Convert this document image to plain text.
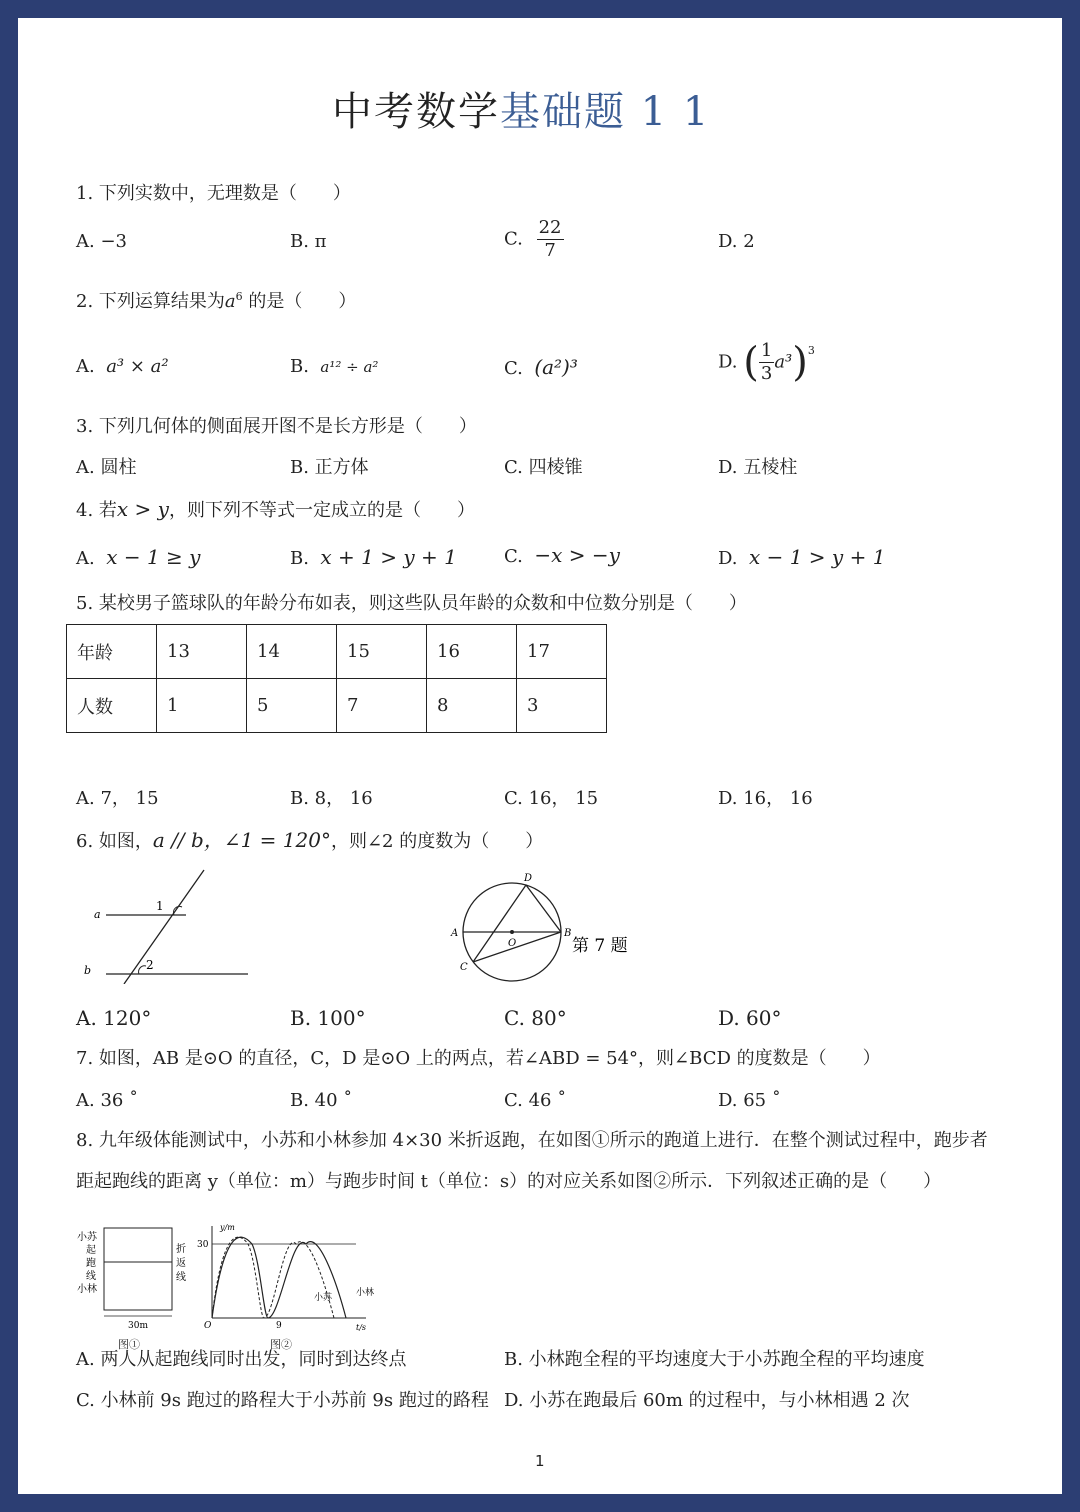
中考数学基础题 1 1
1. 下列实数中，无理数是（　　）
A. −3	B. π	C. $\frac{22}{7}$	D. 2
2. 下列运算结果为$a^6$ 的是（　　）
A. a³ × a²	B. a¹² ÷ a²	C. (a²)³	D. ( $\frac{1}{3} a^3)^3$
3. 下列几何体的侧面展开图不是长方形是（　　）
A. 圆柱	B. 正方体	C. 四棱锥	D. 五棱柱
4. 若x > y，则下列不等式一定成立的是（　　）
A. x − 1 ≥ y	B. x + 1 > y + 1	C. −x > −y	D. x − 1 > y + 1
5. 某校男子篮球队的年龄分布如表，则这些队员年龄的众数和中位数分别是（　　）
年龄	13	14	15	16	17
人数	1	5	7	8	3
A. 7， 15	B. 8， 16	C. 16， 15	D. 16， 16
6. 如图，a // b，∠1 = 120°，则∠2 的度数为（　　）
a
b
1
2
A	B
C
D
O	第 7 题
A. 120°	B. 100°	C. 80°	D. 60°
7. 如图，AB 是⊙O 的直径，C，D 是⊙O 上的两点，若∠ABD = 54°，则∠BCD 的度数是（　　）
A. 36 ˚	B. 40 ˚	C. 46 ˚	D. 65 ˚
8. 九年级体能测试中，小苏和小林参加 4×30 米折返跑，在如图①所示的跑道上进行．在整个测试过程中，跑步者
距起跑线的距离 y（单位：m）与跑步时间 t（单位：s）的对应关系如图②所示．下列叙述正确的是（　　）
小苏
起
跑
线
小林
折
返
线
30m
图①
y/m
30
9
O	t/s
小苏	小林
图②
A. 两人从起跑线同时出发，同时到达终点	B. 小林跑全程的平均速度大于小苏跑全程的平均速度
C. 小林前 9s 跑过的路程大于小苏前 9s 跑过的路程 D. 小苏在跑最后 60m 的过程中，与小林相遇 2 次
1
